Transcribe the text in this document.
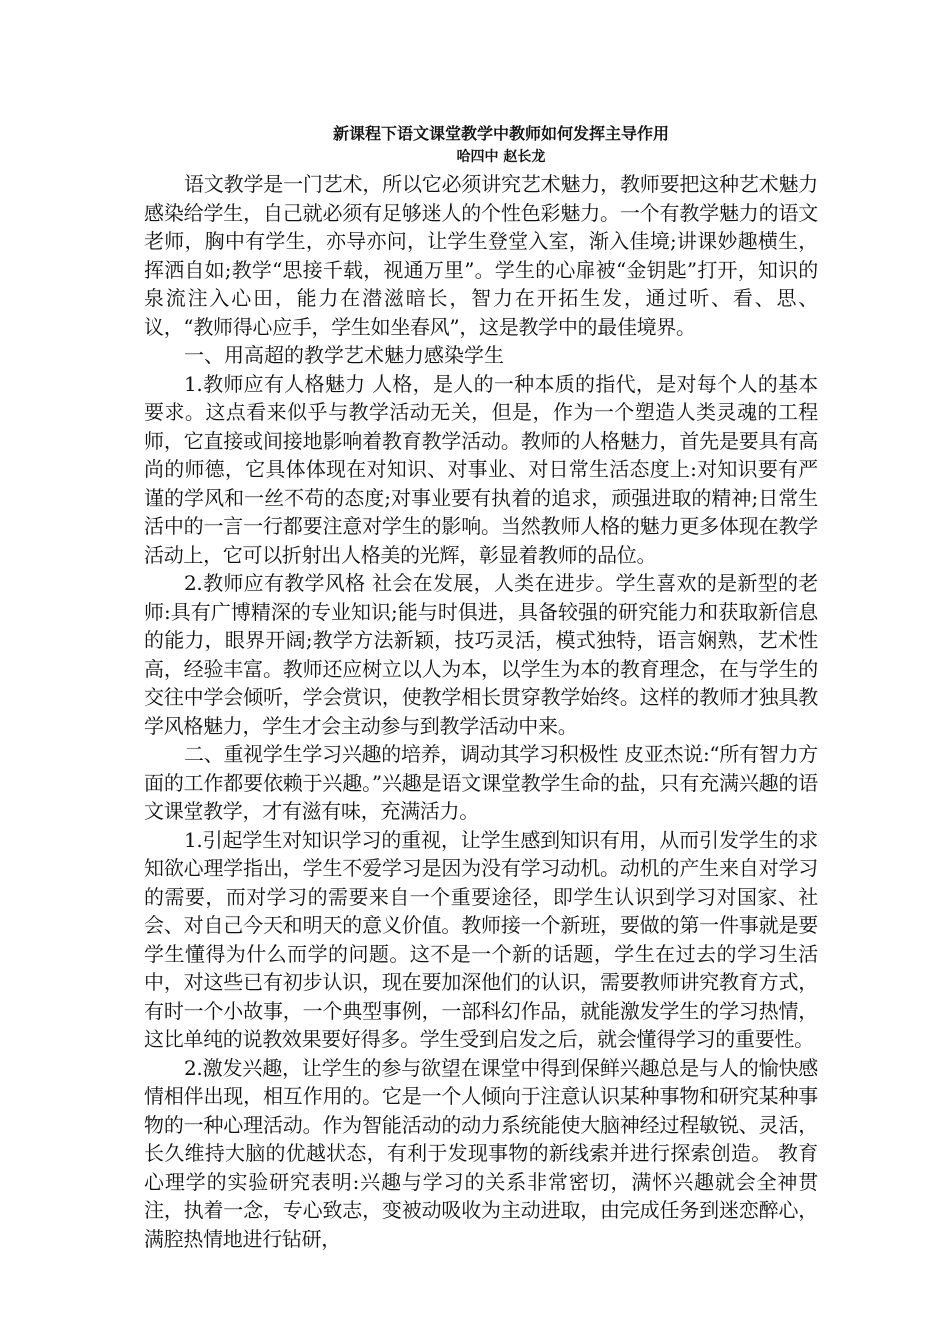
新课程下语文课堂教学中教师如何发挥主导作用
哈四中 赵长龙

语文教学是一门艺术，所以它必须讲究艺术魅力，教师要把这种艺术魅力感染给学生，自己就必须有足够迷人的个性色彩魅力。一个有教学魅力的语文老师，胸中有学生，亦导亦问，让学生登堂入室，渐入佳境;讲课妙趣横生，挥洒自如;教学“思接千载，视通万里”。学生的心扉被“金钥匙”打开，知识的泉流注入心田，能力在潜滋暗长，智力在开拓生发，通过听、看、思、议，“教师得心应手，学生如坐春风”，这是教学中的最佳境界。

一、用高超的教学艺术魅力感染学生

1.教师应有人格魅力 人格，是人的一种本质的指代，是对每个人的基本要求。这点看来似乎与教学活动无关，但是，作为一个塑造人类灵魂的工程师，它直接或间接地影响着教育教学活动。教师的人格魅力，首先是要具有高尚的师德，它具体体现在对知识、对事业、对日常生活态度上:对知识要有严谨的学风和一丝不苟的态度;对事业要有执着的追求，顽强进取的精神;日常生活中的一言一行都要注意对学生的影响。当然教师人格的魅力更多体现在教学活动上，它可以折射出人格美的光辉，彰显着教师的品位。

2.教师应有教学风格 社会在发展，人类在进步。学生喜欢的是新型的老师:具有广博精深的专业知识;能与时俱进，具备较强的研究能力和获取新信息的能力，眼界开阔;教学方法新颖，技巧灵活，模式独特，语言娴熟，艺术性高，经验丰富。教师还应树立以人为本，以学生为本的教育理念，在与学生的交往中学会倾听，学会赏识，使教学相长贯穿教学始终。这样的教师才独具教学风格魅力，学生才会主动参与到教学活动中来。

二、重视学生学习兴趣的培养，调动其学习积极性 皮亚杰说:“所有智力方面的工作都要依赖于兴趣。”兴趣是语文课堂教学生命的盐，只有充满兴趣的语文课堂教学，才有滋有味，充满活力。

1.引起学生对知识学习的重视，让学生感到知识有用，从而引发学生的求知欲心理学指出，学生不爱学习是因为没有学习动机。动机的产生来自对学习的需要，而对学习的需要来自一个重要途径，即学生认识到学习对国家、社会、对自己今天和明天的意义价值。教师接一个新班，要做的第一件事就是要学生懂得为什么而学的问题。这不是一个新的话题，学生在过去的学习生活中，对这些已有初步认识，现在要加深他们的认识，需要教师讲究教育方式，有时一个小故事，一个典型事例，一部科幻作品，就能激发学生的学习热情，这比单纯的说教效果要好得多。学生受到启发之后，就会懂得学习的重要性。

2.激发兴趣，让学生的参与欲望在课堂中得到保鲜兴趣总是与人的愉快感情相伴出现，相互作用的。它是一个人倾向于注意认识某种事物和研究某种事物的一种心理活动。作为智能活动的动力系统能使大脑神经过程敏锐、灵活，长久维持大脑的优越状态，有利于发现事物的新线索并进行探索创造。 教育心理学的实验研究表明:兴趣与学习的关系非常密切，满怀兴趣就会全神贯注，执着一念，专心致志，变被动吸收为主动进取，由完成任务到迷恋醉心，满腔热情地进行钻研，
